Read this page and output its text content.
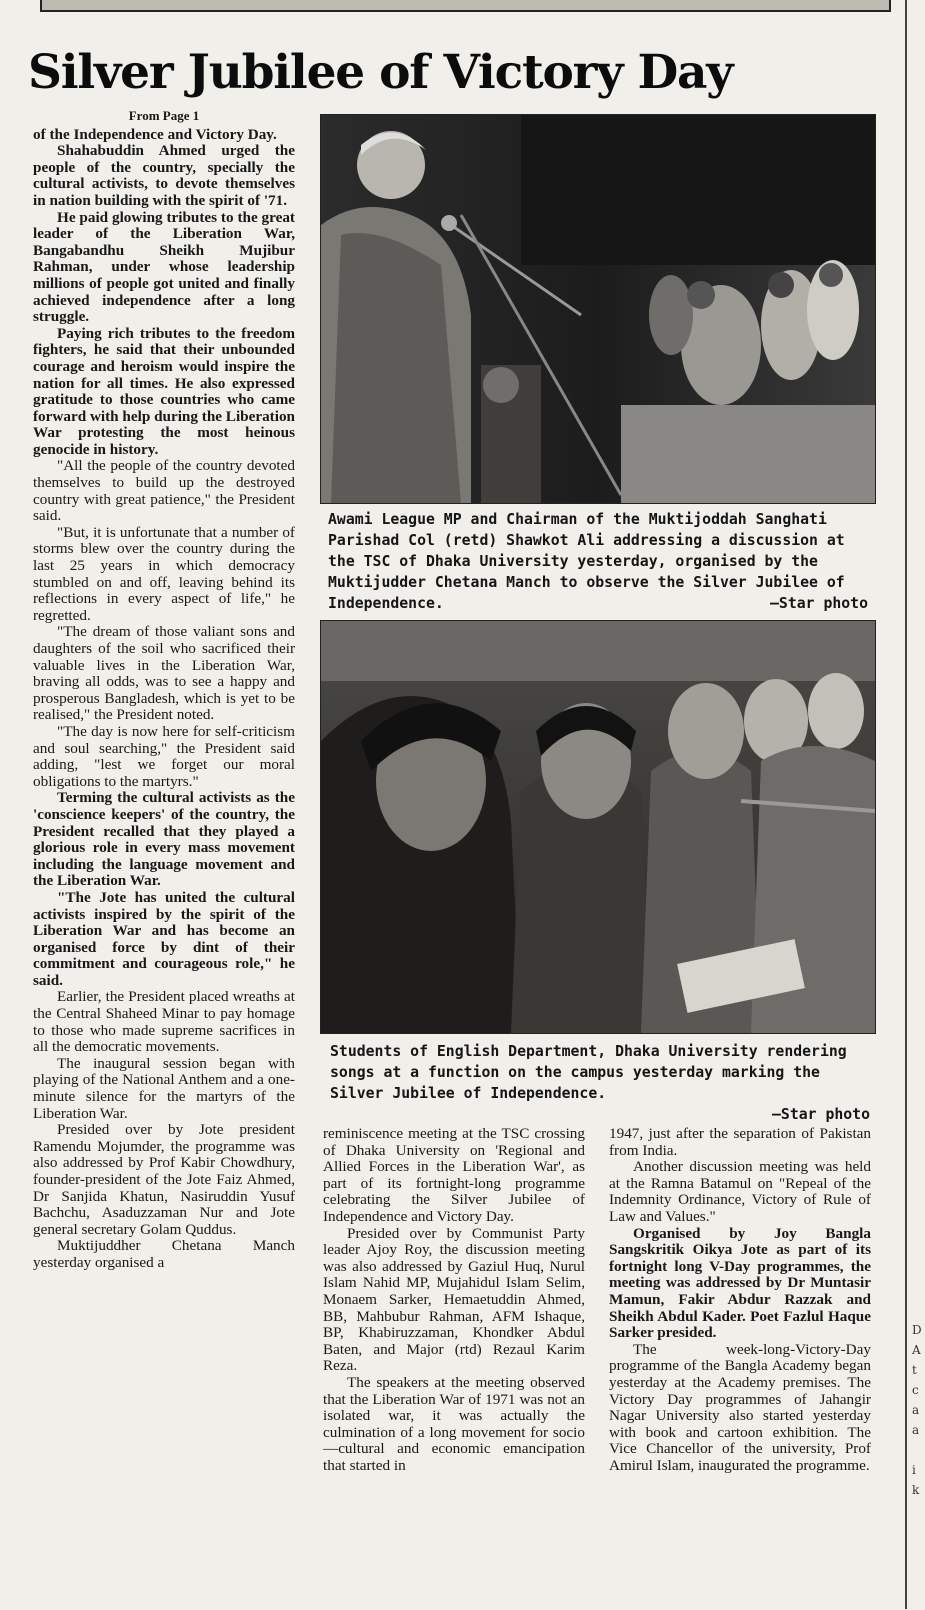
Silver Jubilee of Victory Day
From Page 1

of the Independence and Victory Day.

Shahabuddin Ahmed urged the people of the country, specially the cultural activists, to devote themselves in nation building with the spirit of '71.

He paid glowing tributes to the great leader of the Liberation War, Bangabandhu Sheikh Mujibur Rahman, under whose leadership millions of people got united and finally achieved independence after a long struggle.

Paying rich tributes to the freedom fighters, he said that their unbounded courage and heroism would inspire the nation for all times. He also expressed gratitude to those countries who came forward with help during the Liberation War protesting the most heinous genocide in history.

"All the people of the country devoted themselves to build up the destroyed country with great patience," the President said.

"But, it is unfortunate that a number of storms blew over the country during the last 25 years in which democracy stumbled on and off, leaving behind its reflections in every aspect of life," he regretted.

"The dream of those valiant sons and daughters of the soil who sacrificed their valuable lives in the Liberation War, braving all odds, was to see a happy and prosperous Bangladesh, which is yet to be realised," the President noted.

"The day is now here for self-criticism and soul searching," the President said adding, "lest we forget our moral obligations to the martyrs."

Terming the cultural activists as the 'conscience keepers' of the country, the President recalled that they played a glorious role in every mass movement including the language movement and the Liberation War.

"The Jote has united the cultural activists inspired by the spirit of the Liberation War and has become an organised force by dint of their commitment and courageous role," he said.

Earlier, the President placed wreaths at the Central Shaheed Minar to pay homage to those who made supreme sacrifices in all the democratic movements.

The inaugural session began with playing of the National Anthem and a one-minute silence for the martyrs of the Liberation War.

Presided over by Jote president Ramendu Mojumder, the programme was also addressed by Prof Kabir Chowdhury, founder-president of the Jote Faiz Ahmed, Dr Sanjida Khatun, Nasiruddin Yusuf Bachchu, Asaduzzaman Nur and Jote general secretary Golam Quddus.

Muktijuddher Chetana Manch yesterday organised a

Awami League MP and Chairman of the Muktijoddah Sanghati Parishad Col (retd) Shawkot Ali addressing a discussion at the TSC of Dhaka University yesterday, organised by the Muktijudder Chetana Manch to observe the Silver Jubilee of Independence.	—Star photo
Students of English Department, Dhaka University rendering songs at a function on the campus yesterday marking the Silver Jubilee of Independence.
—Star photo

reminiscence meeting at the TSC crossing of Dhaka University on 'Regional and Allied Forces in the Liberation War', as part of its fortnight-long programme celebrating the Silver Jubilee of Independence and Victory Day.

Presided over by Communist Party leader Ajoy Roy, the discussion meeting was also addressed by Gaziul Huq, Nurul Islam Nahid MP, Mujahidul Islam Selim, Monaem Sarker, Hemaetuddin Ahmed, BB, Mahbubur Rahman, AFM Ishaque, BP, Khabiruzzaman, Khondker Abdul Baten, and Major (rtd) Rezaul Karim Reza.

The speakers at the meeting observed that the Liberation War of 1971 was not an isolated war, it was actually the culmination of a long movement for socio—cultural and economic emancipation that started in

1947, just after the separation of Pakistan from India.

Another discussion meeting was held at the Ramna Batamul on "Repeal of the Indemnity Ordinance, Victory of Rule of Law and Values."

Organised by Joy Bangla Sangskritik Oikya Jote as part of its fortnight long V-Day programmes, the meeting was addressed by Dr Muntasir Mamun, Fakir Abdur Razzak and Sheikh Abdul Kader. Poet Fazlul Haque Sarker presided.

The week-long-Victory-Day programme of the Bangla Academy began yesterday at the Academy premises. The Victory Day programmes of Jahangir Nagar University also started yesterday with book and cartoon exhibition. The Vice Chancellor of the university, Prof Amirul Islam, inaugurated the programme.

D
A
t
c
a
a

i
k
